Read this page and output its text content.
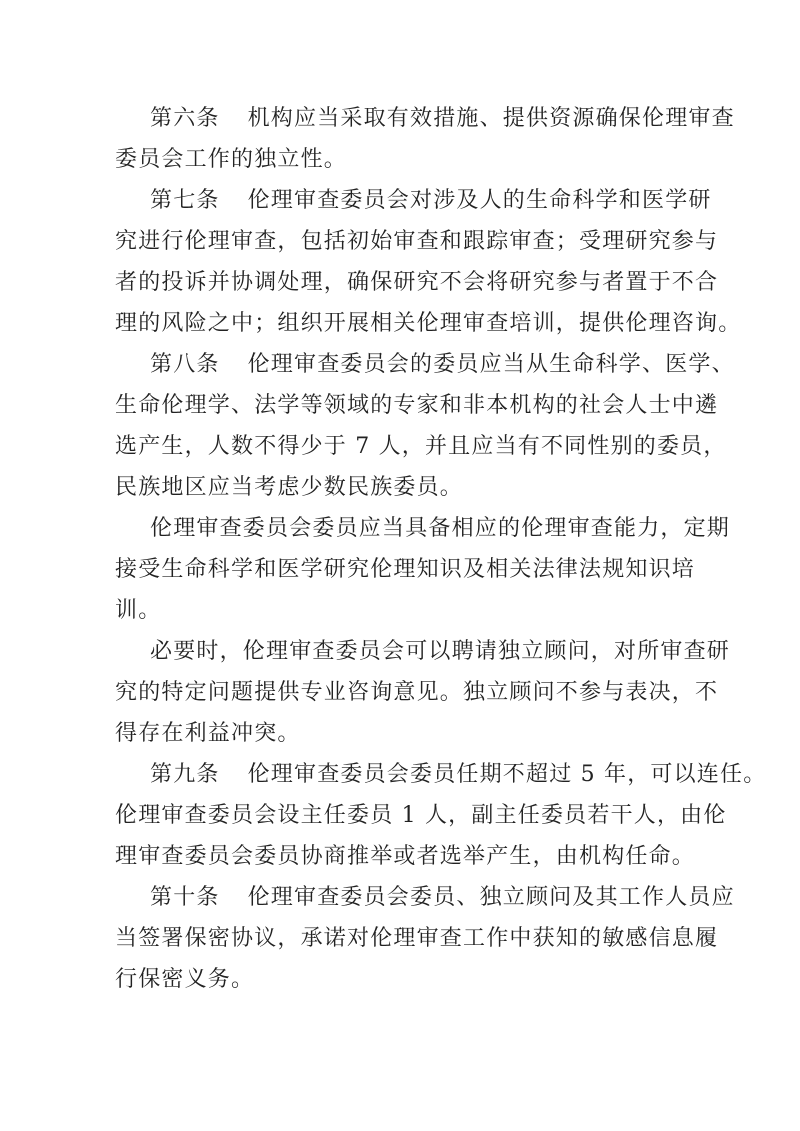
第六条 机构应当采取有效措施、提供资源确保伦理审查
委员会工作的独立性。
第七条 伦理审查委员会对涉及人的生命科学和医学研
究进行伦理审查，包括初始审查和跟踪审查；受理研究参与
者的投诉并协调处理，确保研究不会将研究参与者置于不合
理的风险之中；组织开展相关伦理审查培训，提供伦理咨询。
第八条 伦理审查委员会的委员应当从生命科学、医学、
生命伦理学、法学等领域的专家和非本机构的社会人士中遴
选产生，人数不得少于 7 人，并且应当有不同性别的委员，
民族地区应当考虑少数民族委员。
伦理审查委员会委员应当具备相应的伦理审查能力，定期
接受生命科学和医学研究伦理知识及相关法律法规知识培
训。
必要时，伦理审查委员会可以聘请独立顾问，对所审查研
究的特定问题提供专业咨询意见。独立顾问不参与表决，不
得存在利益冲突。
第九条 伦理审查委员会委员任期不超过 5 年，可以连任。
伦理审查委员会设主任委员 1 人，副主任委员若干人，由伦
理审查委员会委员协商推举或者选举产生，由机构任命。
第十条 伦理审查委员会委员、独立顾问及其工作人员应
当签署保密协议，承诺对伦理审查工作中获知的敏感信息履
行保密义务。
